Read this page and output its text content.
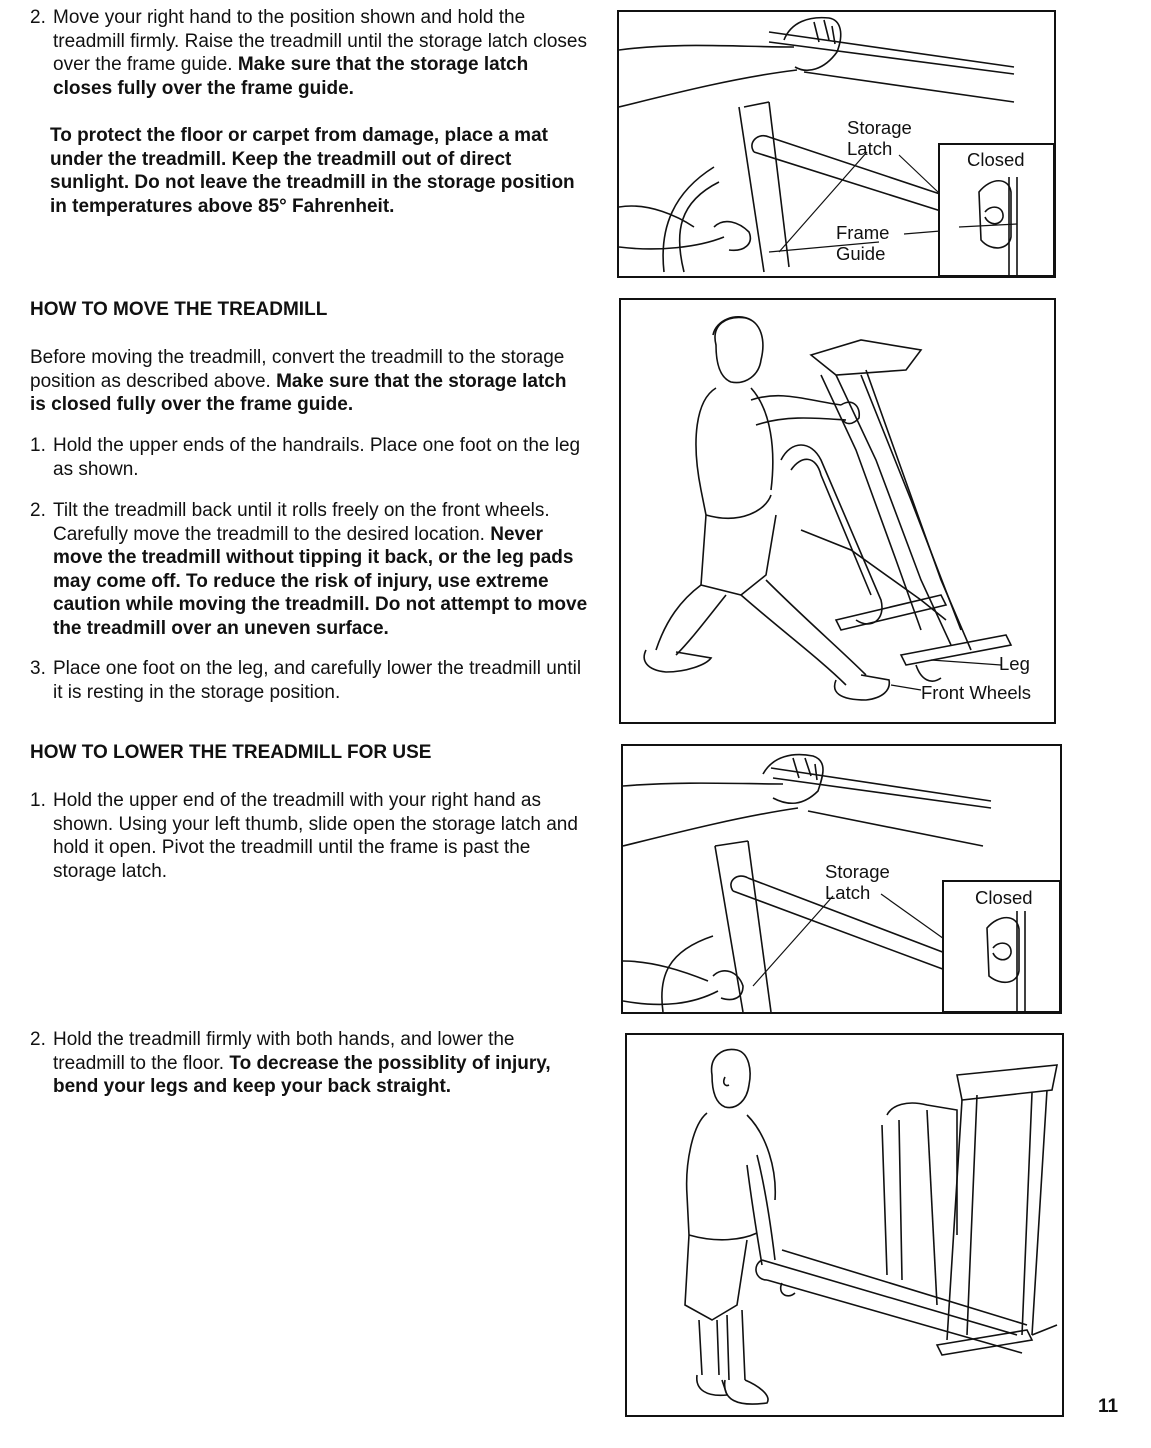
2. Move your right hand to the position shown and hold the treadmill firmly. Raise the treadmill until the storage latch closes over the frame guide. Make sure that the storage latch closes fully over the frame guide.

To protect the floor or carpet from damage, place a mat under the treadmill. Keep the treadmill out of direct sunlight. Do not leave the treadmill in the storage position in temperatures above 85° Fahrenheit.

HOW TO MOVE THE TREADMILL

Before moving the treadmill, convert the treadmill to the storage position as described above. Make sure that the storage latch is closed fully over the frame guide.

1. Hold the upper ends of the handrails. Place one foot on the leg as shown.

2. Tilt the treadmill back until it rolls freely on the front wheels. Carefully move the treadmill to the desired location. Never move the treadmill without tipping it back, or the leg pads may come off. To reduce the risk of injury, use extreme caution while moving the treadmill. Do not attempt to move the treadmill over an uneven surface.

3. Place one foot on the leg, and carefully lower the treadmill until it is resting in the storage position.

HOW TO LOWER THE TREADMILL FOR USE

1. Hold the upper end of the treadmill with your right hand as shown. Using your left thumb, slide open the storage latch and hold it open. Pivot the treadmill until the frame is past the storage latch.

2. Hold the treadmill firmly with both hands, and lower the treadmill to the floor. To decrease the possiblity of injury, bend your legs and keep your back straight.

Storage Latch
Closed
Frame Guide
Leg
Front Wheels
Storage Latch	Closed
11
